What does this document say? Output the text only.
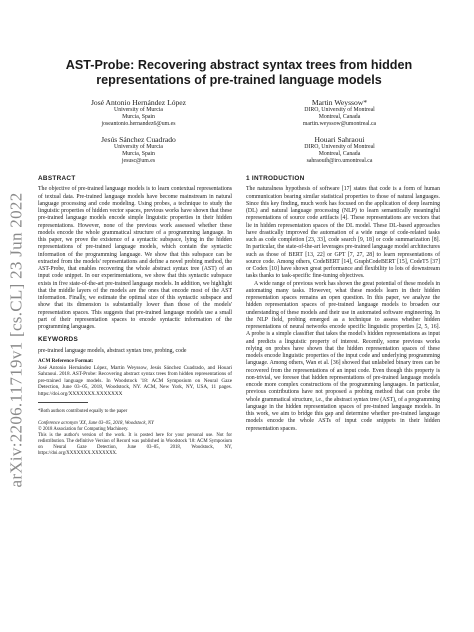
arXiv:2206.11719v1 [cs.CL] 23 Jun 2022
AST-Probe: Recovering abstract syntax trees from hidden
representations of pre-trained language models
José Antonio Hernández López
University of Murcia
Murcia, Spain
joseantonio.hernandez6@um.es
Martin Weyssow*
DIRO, University of Montreal
Montreal, Canada
martin.weyssow@umontreal.ca
Jesús Sánchez Cuadrado
University of Murcia
Murcia, Spain
jesusc@um.es
Houari Sahraoui
DIRO, University of Montreal
Montreal, Canada
sahraouih@iro.umontreal.ca
ABSTRACT

The objective of pre-trained language models is to learn contextual representations of textual data. Pre-trained language models have become mainstream in natural language processing and code modeling. Using probes, a technique to study the linguistic properties of hidden vector spaces, previous works have shown that these pre-trained language models encode simple linguistic properties in their hidden representations. However, none of the previous work assessed whether these models encode the whole grammatical structure of a programming language. In this paper, we prove the existence of a syntactic subspace, lying in the hidden representations of pre-trained language models, which contain the syntactic information of the programming language. We show that this subspace can be extracted from the models' representations and define a novel probing method, the AST-Probe, that enables recovering the whole abstract syntax tree (AST) of an input code snippet. In our experimentations, we show that this syntactic subspace exists in five state-of-the-art pre-trained language models. In addition, we highlight that the middle layers of the models are the ones that encode most of the AST information. Finally, we estimate the optimal size of this syntactic subspace and show that its dimension is substantially lower than those of the models' representation spaces. This suggests that pre-trained language models use a small part of their representation spaces to encode syntactic information of the programming languages.

KEYWORDS

pre-trained language models, abstract syntax tree, probing, code

ACM Reference Format:

José Antonio Hernández López, Martin Weyssow, Jesús Sánchez Cuadrado, and Houari Sahraoui. 2018. AST-Probe: Recovering abstract syntax trees from hidden representations of pre-trained language models. In Woodstock '18: ACM Symposium on Neural Gaze Detection, June 03–05, 2018, Woodstock, NY. ACM, New York, NY, USA, 11 pages. https://doi.org/XXXXXXX.XXXXXXX

*Both authors contributed equally to the paper
Conference acronym 'XX, June 03–05, 2018, Woodstock, NY
© 2018 Association for Computing Machinery.
This is the author's version of the work. It is posted here for your personal use. Not for redistribution. The definitive Version of Record was published in Woodstock '18: ACM Symposium on Neural Gaze Detection, June 03–05, 2018, Woodstock, NY, https://doi.org/XXXXXXX.XXXXXXX.
1 INTRODUCTION

The naturalness hypothesis of software [17] states that code is a form of human communication bearing similar statistical properties to those of natural languages. Since this key finding, much work has focused on the application of deep learning (DL) and natural language processing (NLP) to learn semantically meaningful representations of source code artifacts [4]. These representations are vectors that lie in hidden representation spaces of the DL model. These DL-based approaches have drastically improved the automation of a wide range of code-related tasks such as code completion [23, 33], code search [9, 18] or code summarization [8]. In particular, the state-of-the-art leverages pre-trained language model architectures such as those of BERT [13, 22] or GPT [7, 27, 28] to learn representations of source code. Among others, CodeBERT [14], GraphCodeBERT [15], CodeT5 [37] or Codex [10] have shown great performance and flexibility to lots of downstream tasks thanks to task-specific fine-tuning objectives.

A wide range of previous work has shown the great potential of these models in automating many tasks. However, what these models learn in their hidden representation spaces remains an open question. In this paper, we analyze the hidden representation spaces of pre-trained language models to broaden our understanding of these models and their use in automated software engineering. In the NLP field, probing emerged as a technique to assess whether hidden representations of neural networks encode specific linguistic properties [2, 5, 16]. A probe is a simple classifier that takes the model's hidden representations as input and predicts a linguistic property of interest. Recently, some previous works relying on probes have shown that the hidden representation spaces of these models encode linguistic properties of the input code and underlying programming language. Among others, Wan et al. [36] showed that unlabeled binary trees can be recovered from the representations of an input code. Even though this property is non-trivial, we foresee that hidden representations of pre-trained language models encode more complex constructions of the programming languages. In particular, previous contributions have not proposed a probing method that can probe the whole grammatical structure, i.e., the abstract syntax tree (AST), of a programming language in the hidden representation spaces of pre-trained language models. In this work, we aim to bridge this gap and determine whether pre-trained language models encode the whole ASTs of input code snippets in their hidden representation spaces.
